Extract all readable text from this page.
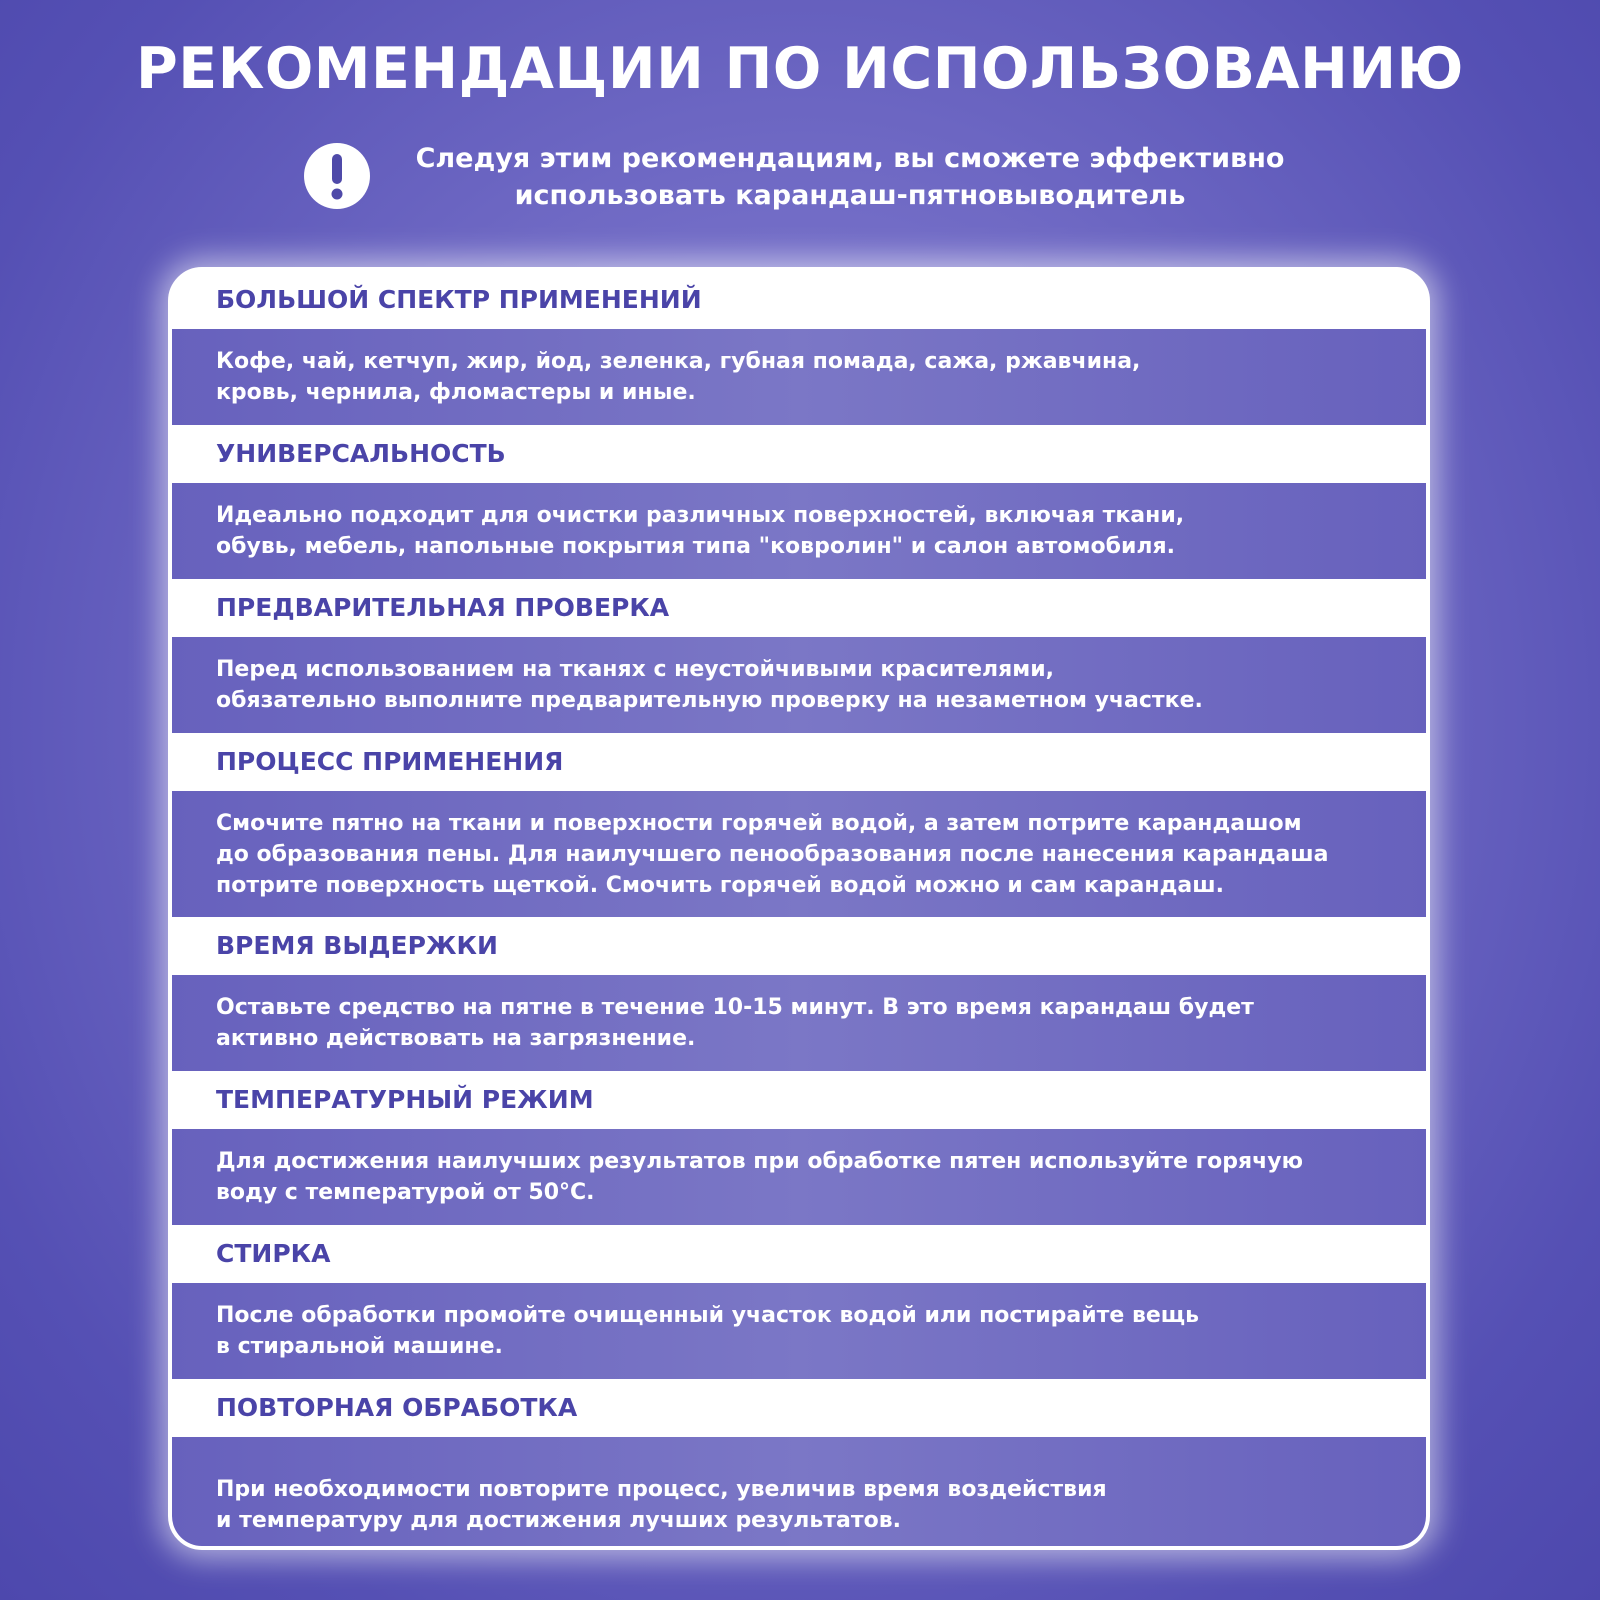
РЕКОМЕНДАЦИИ ПО ИСПОЛЬЗОВАНИЮ
Следуя этим рекомендациям, вы сможете эффективно
использовать карандаш-пятновыводитель
БОЛЬШОЙ СПЕКТР ПРИМЕНЕНИЙ
Кофе, чай, кетчуп, жир, йод, зеленка, губная помада, сажа, ржавчина,
кровь, чернила, фломастеры и иные.
УНИВЕРСАЛЬНОСТЬ
Идеально подходит для очистки различных поверхностей, включая ткани,
обувь, мебель, напольные покрытия типа "ковролин" и салон автомобиля.
ПРЕДВАРИТЕЛЬНАЯ ПРОВЕРКА
Перед использованием на тканях с неустойчивыми красителями,
обязательно выполните предварительную проверку на незаметном участке.
ПРОЦЕСС ПРИМЕНЕНИЯ
Смочите пятно на ткани и поверхности горячей водой, а затем потрите карандашом
до образования пены. Для наилучшего пенообразования после нанесения карандаша
потрите поверхность щеткой. Смочить горячей водой можно и сам карандаш.
ВРЕМЯ ВЫДЕРЖКИ
Оставьте средство на пятне в течение 10-15 минут. В это время карандаш будет
активно действовать на загрязнение.
ТЕМПЕРАТУРНЫЙ РЕЖИМ
Для достижения наилучших результатов при обработке пятен используйте горячую
воду с температурой от 50°С.
СТИРКА
После обработки промойте очищенный участок водой или постирайте вещь
в стиральной машине.
ПОВТОРНАЯ ОБРАБОТКА
При необходимости повторите процесс, увеличив время воздействия
и температуру для достижения лучших результатов.
